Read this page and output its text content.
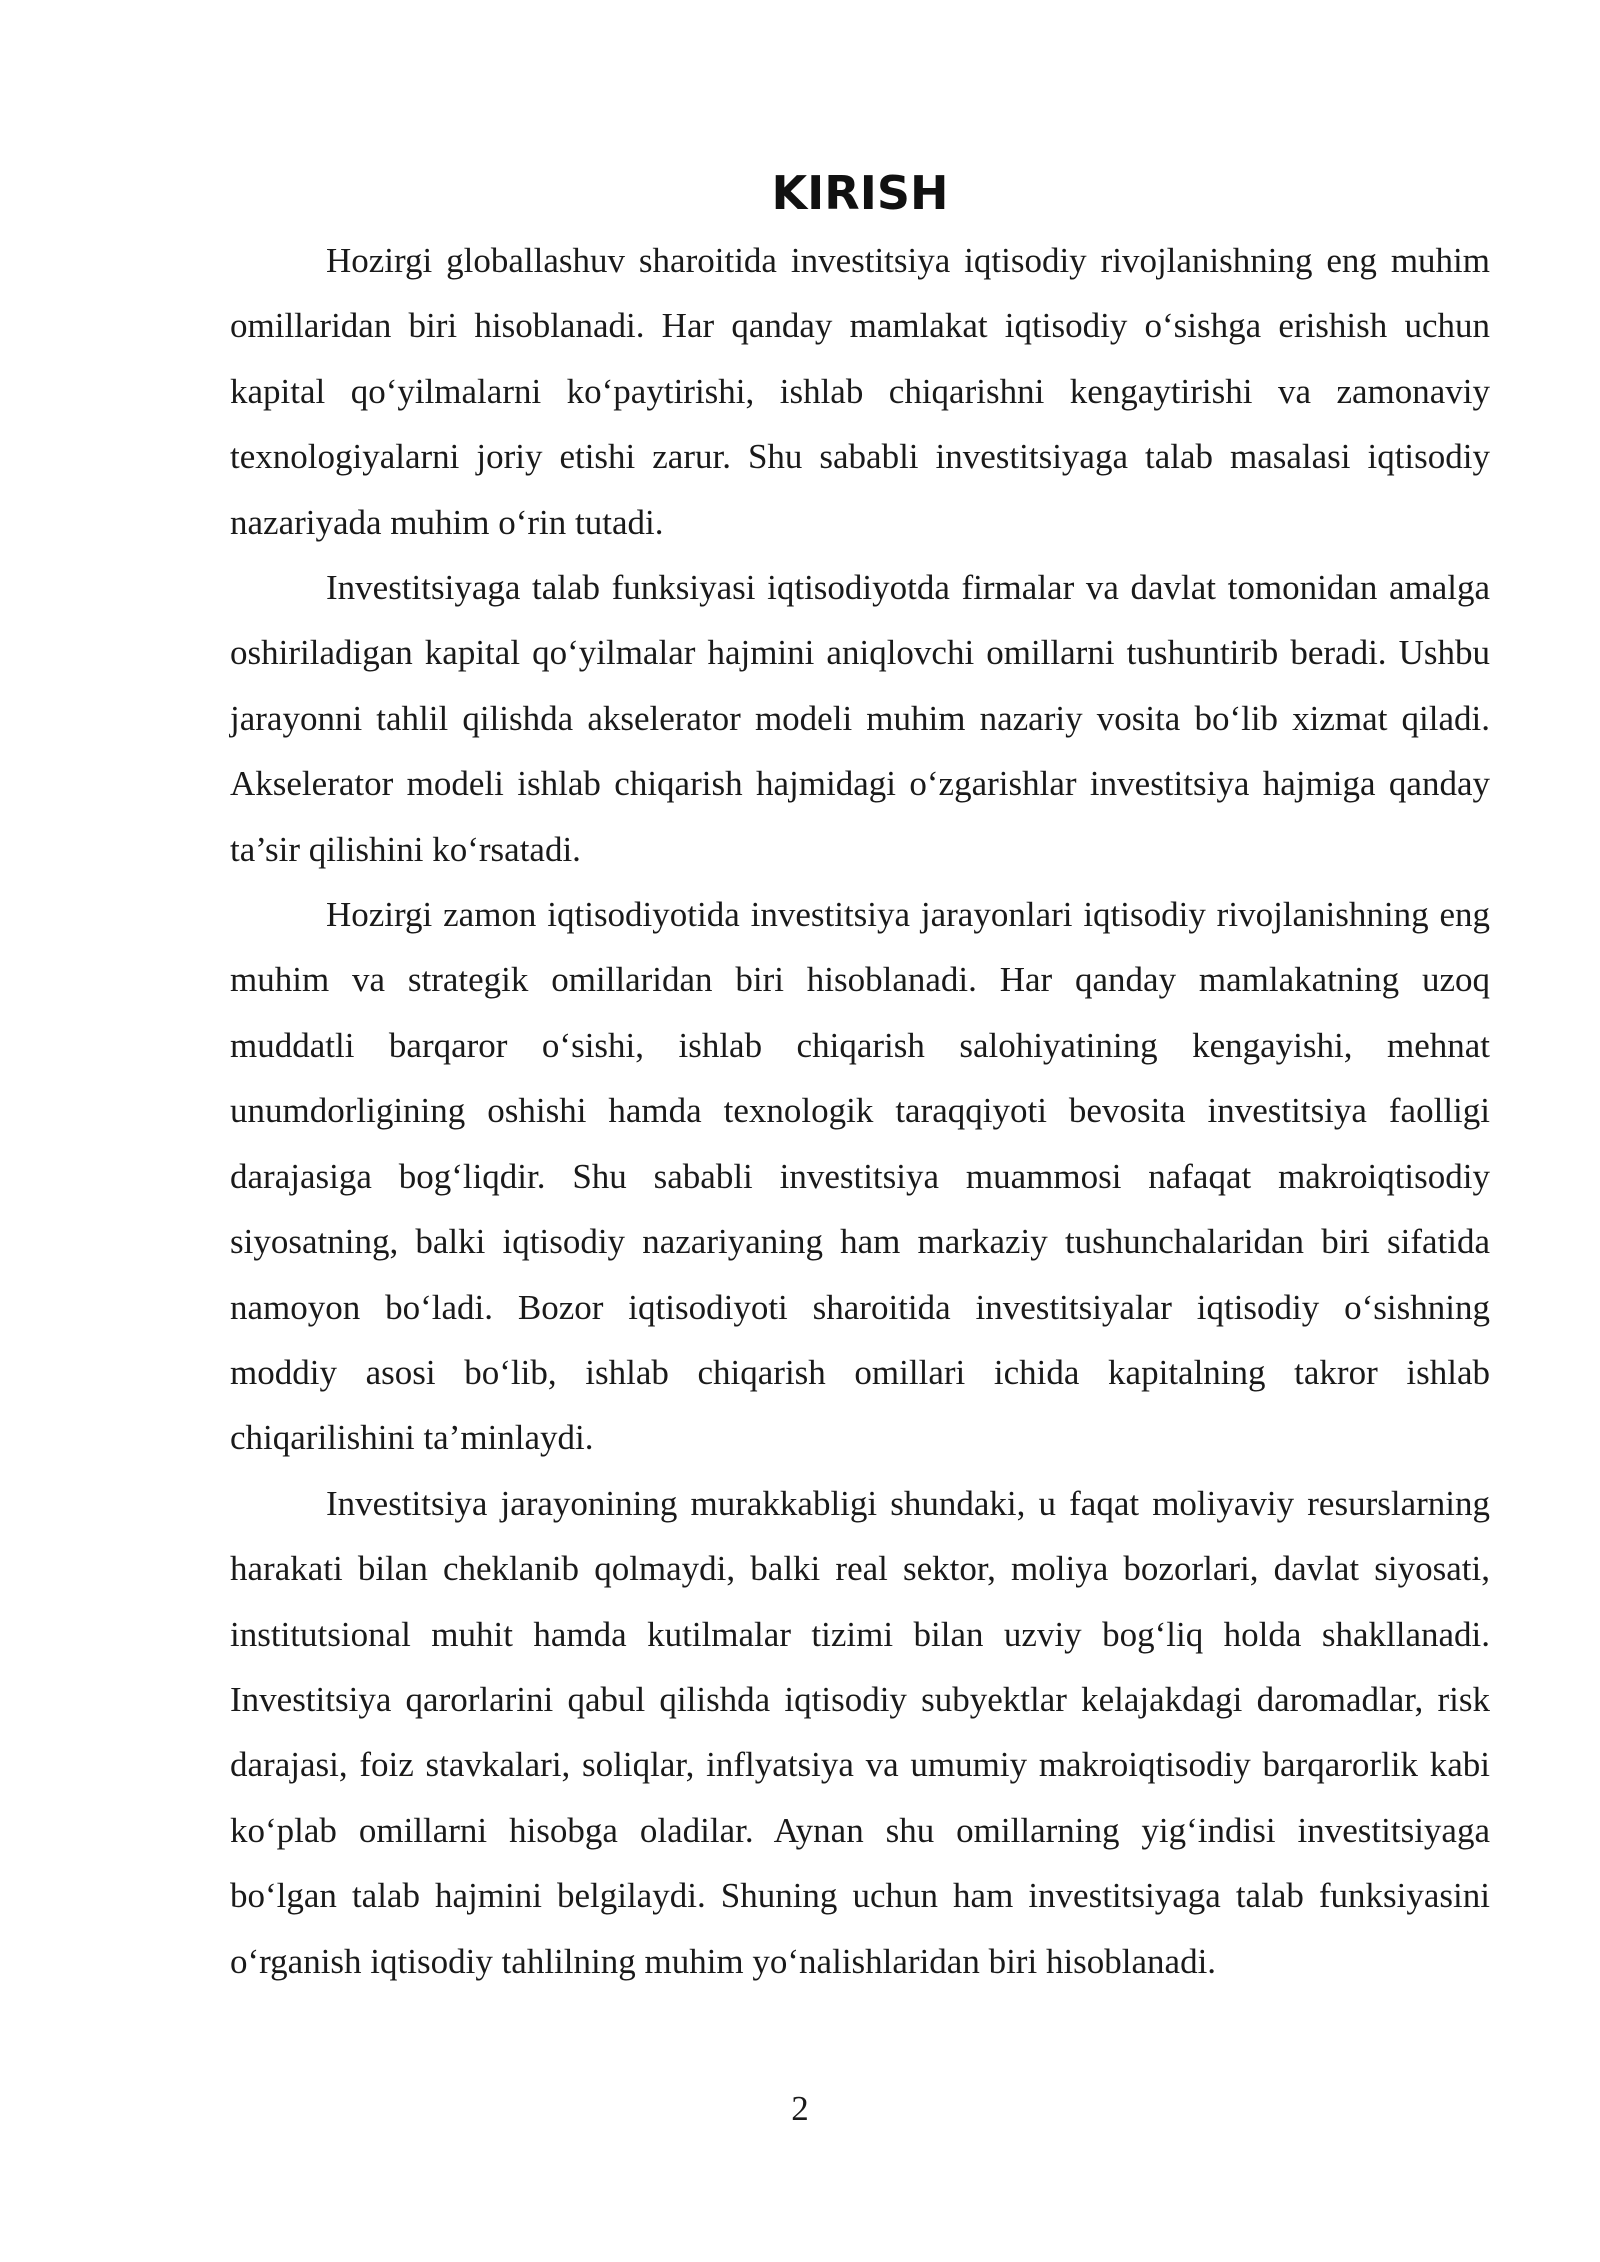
KIRISH

Hozirgi globallashuv sharoitida investitsiya iqtisodiy rivojlanishning eng muhim omillaridan biri hisoblanadi. Har qanday mamlakat iqtisodiy o‘sishga erishish uchun kapital qo‘yilmalarni ko‘paytirishi, ishlab chiqarishni kengaytirishi va zamonaviy texnologiyalarni joriy etishi zarur. Shu sababli investitsiyaga talab masalasi iqtisodiy nazariyada muhim o‘rin tutadi.

Investitsiyaga talab funksiyasi iqtisodiyotda firmalar va davlat tomonidan amalga oshiriladigan kapital qo‘yilmalar hajmini aniqlovchi omillarni tushuntirib beradi. Ushbu jarayonni tahlil qilishda akselerator modeli muhim nazariy vosita bo‘lib xizmat qiladi. Akselerator modeli ishlab chiqarish hajmidagi o‘zgarishlar investitsiya hajmiga qanday ta’sir qilishini ko‘rsatadi.

Hozirgi zamon iqtisodiyotida investitsiya jarayonlari iqtisodiy rivojlanishning eng muhim va strategik omillaridan biri hisoblanadi. Har qanday mamlakatning uzoq muddatli barqaror o‘sishi, ishlab chiqarish salohiyatining kengayishi, mehnat unumdorligining oshishi hamda texnologik taraqqiyoti bevosita investitsiya faolligi darajasiga bog‘liqdir. Shu sababli investitsiya muammosi nafaqat makroiqtisodiy siyosatning, balki iqtisodiy nazariyaning ham markaziy tushunchalaridan biri sifatida namoyon bo‘ladi. Bozor iqtisodiyoti sharoitida investitsiyalar iqtisodiy o‘sishning moddiy asosi bo‘lib, ishlab chiqarish omillari ichida kapitalning takror ishlab chiqarilishini ta’minlaydi.

Investitsiya jarayonining murakkabligi shundaki, u faqat moliyaviy resurslarning harakati bilan cheklanib qolmaydi, balki real sektor, moliya bozorlari, davlat siyosati, institutsional muhit hamda kutilmalar tizimi bilan uzviy bog‘liq holda shakllanadi. Investitsiya qarorlarini qabul qilishda iqtisodiy subyektlar kelajakdagi daromadlar, risk darajasi, foiz stavkalari, soliqlar, inflyatsiya va umumiy makroiqtisodiy barqarorlik kabi ko‘plab omillarni hisobga oladilar. Aynan shu omillarning yig‘indisi investitsiyaga bo‘lgan talab hajmini belgilaydi. Shuning uchun ham investitsiyaga talab funksiyasini o‘rganish iqtisodiy tahlilning muhim yo‘nalishlaridan biri hisoblanadi.

2
